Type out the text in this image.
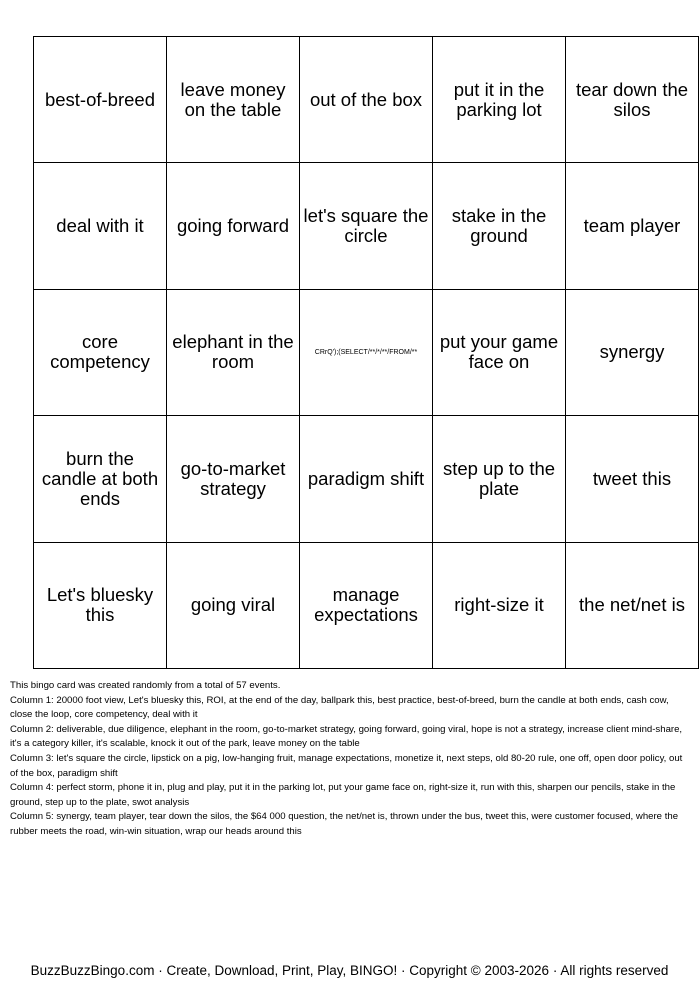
best-of-breed	leave money on the table	out of the box	put it in the parking lot	tear down the silos
deal with it	going forward	let's square the circle	stake in the ground	team player
core competency	elephant in the room	CRrQ');(SELECT/**/*/**/FROM/**	put your game face on	synergy
burn the candle at both ends	go-to-market strategy	paradigm shift	step up to the plate	tweet this
Let's bluesky this	going viral	manage expectations	right-size it	the net/net is

This bingo card was created randomly from a total of 57 events.

Column 1: 20000 foot view, Let's bluesky this, ROI, at the end of the day, ballpark this, best practice, best-of-breed, burn the candle at both ends, cash cow, close the loop, core competency, deal with it

Column 2: deliverable, due diligence, elephant in the room, go-to-market strategy, going forward, going viral, hope is not a strategy, increase client mind-share, it's a category killer, it's scalable, knock it out of the park, leave money on the table

Column 3: let's square the circle, lipstick on a pig, low-hanging fruit, manage expectations, monetize it, next steps, old 80-20 rule, one off, open door policy, out of the box, paradigm shift

Column 4: perfect storm, phone it in, plug and play, put it in the parking lot, put your game face on, right-size it, run with this, sharpen our pencils, stake in the ground, step up to the plate, swot analysis

Column 5: synergy, team player, tear down the silos, the $64 000 question, the net/net is, thrown under the bus, tweet this, were customer focused, where the rubber meets the road, win-win situation, wrap our heads around this

BuzzBuzzBingo.com · Create, Download, Print, Play, BINGO! · Copyright © 2003-2026 · All rights reserved
